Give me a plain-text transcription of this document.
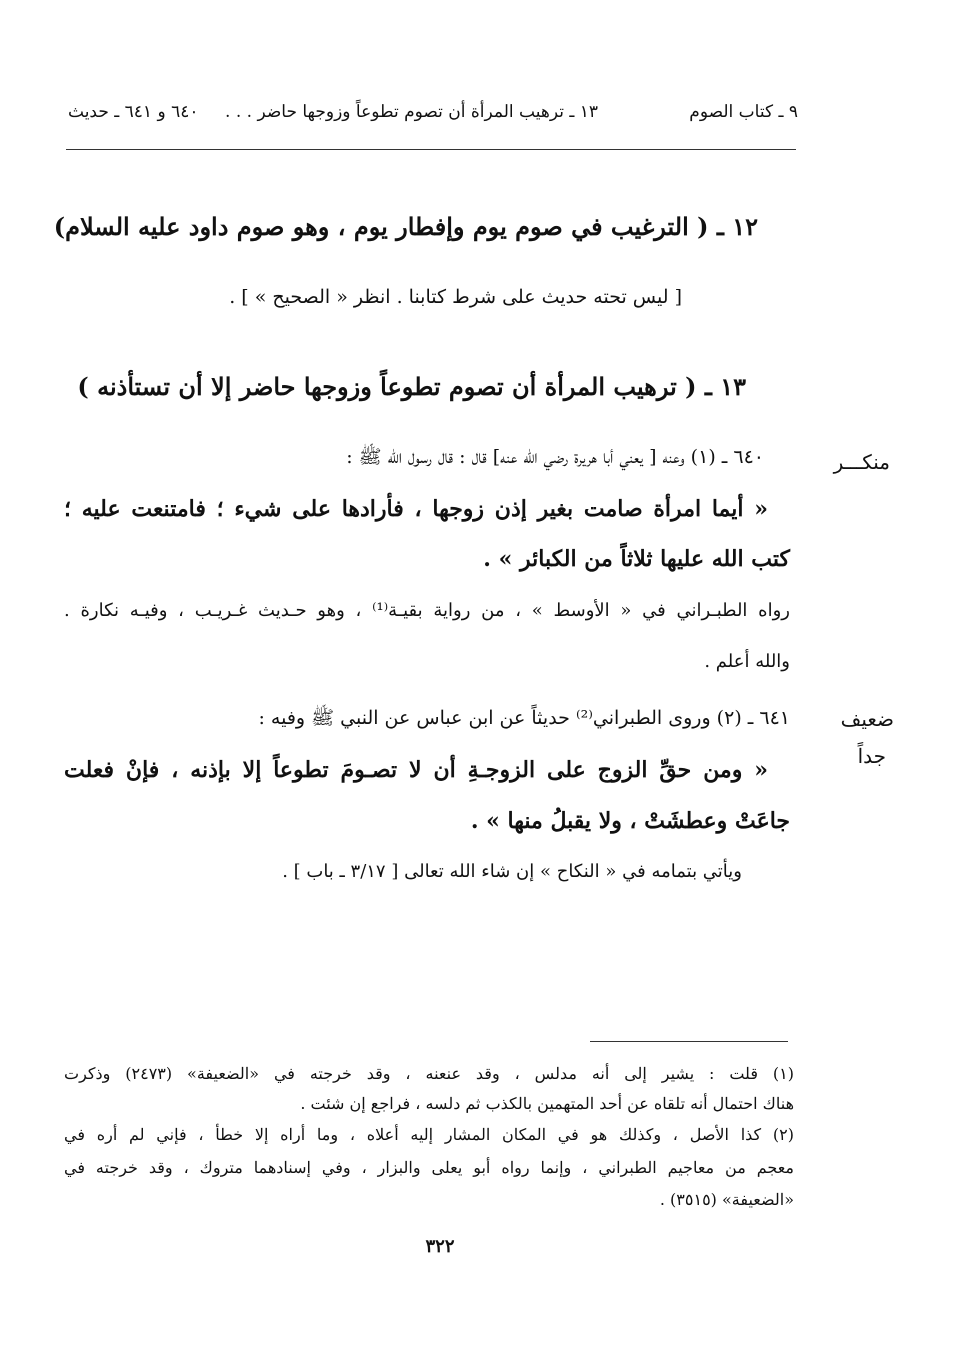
٩ ـ كتاب الصوم
١٣ ـ ترهيب المرأة أن تصوم تطوعاً وزوجها حاضر . . .
٦٤٠ و ٦٤١ ـ حديث
١٢ ـ ( الترغيب في صوم يوم وإفطار يوم ، وهو صوم داود عليه السلام)
[ ليس تحته حديث على شرط كتابنا . انظر « الصحيح » ] .
١٣ ـ ( ترهيب المرأة أن تصوم تطوعاً وزوجها حاضر إلا أن تستأذنه )
منكـــر
٦٤٠ ـ (١) وعنه [ يعني أبا هريرة رضي الله عنه] قال : قال رسول الله ﷺ :
« أيما امرأة صامت بغير إذن زوجها ، فأرادها على شيء ؛ فامتنعت عليه ؛
كتب الله عليها ثلاثاً من الكبائر » .
رواه الطبـراني في « الأوسط » ، من رواية بقيـة⁽¹⁾ ، وهو حـديث غـريـب ، وفيـه نكارة .
والله أعلم .
ضعيف
جداً
٦٤١ ـ (٢) وروى الطبراني⁽²⁾ حديثاً عن ابن عباس عن النبي ﷺ وفيه :
« ومن حقِّ الزوج على الزوجـةِ أن لا تصـومَ تطوعاً إلا بإذنه ، فإنْ فعلت
جاعَتْ وعطشَتْ ، ولا يقبلُ منها » .
ويأتي بتمامه في « النكاح » إن شاء الله تعالى [ ٣/١٧ ـ باب ] .
(١) قلت : يشير إلى أنه مدلس ، وقد عنعنه ، وقد خرجته في «الضعيفة» (٢٤٧٣) وذكرت
هناك احتمال أنه تلقاه عن أحد المتهمين بالكذب ثم دلسه ، فراجع إن شئت .
(٢) كذا الأصل ، وكذلك هو في المكان المشار إليه أعلاه ، وما أراه إلا خطأ ، فإني لم أره في
معجم من معاجيم الطبراني ، وإنما رواه أبو يعلى والبزار ، وفي إسنادهما متروك ، وقد خرجته في
«الضعيفة» (٣٥١٥) .
٣٢٢
